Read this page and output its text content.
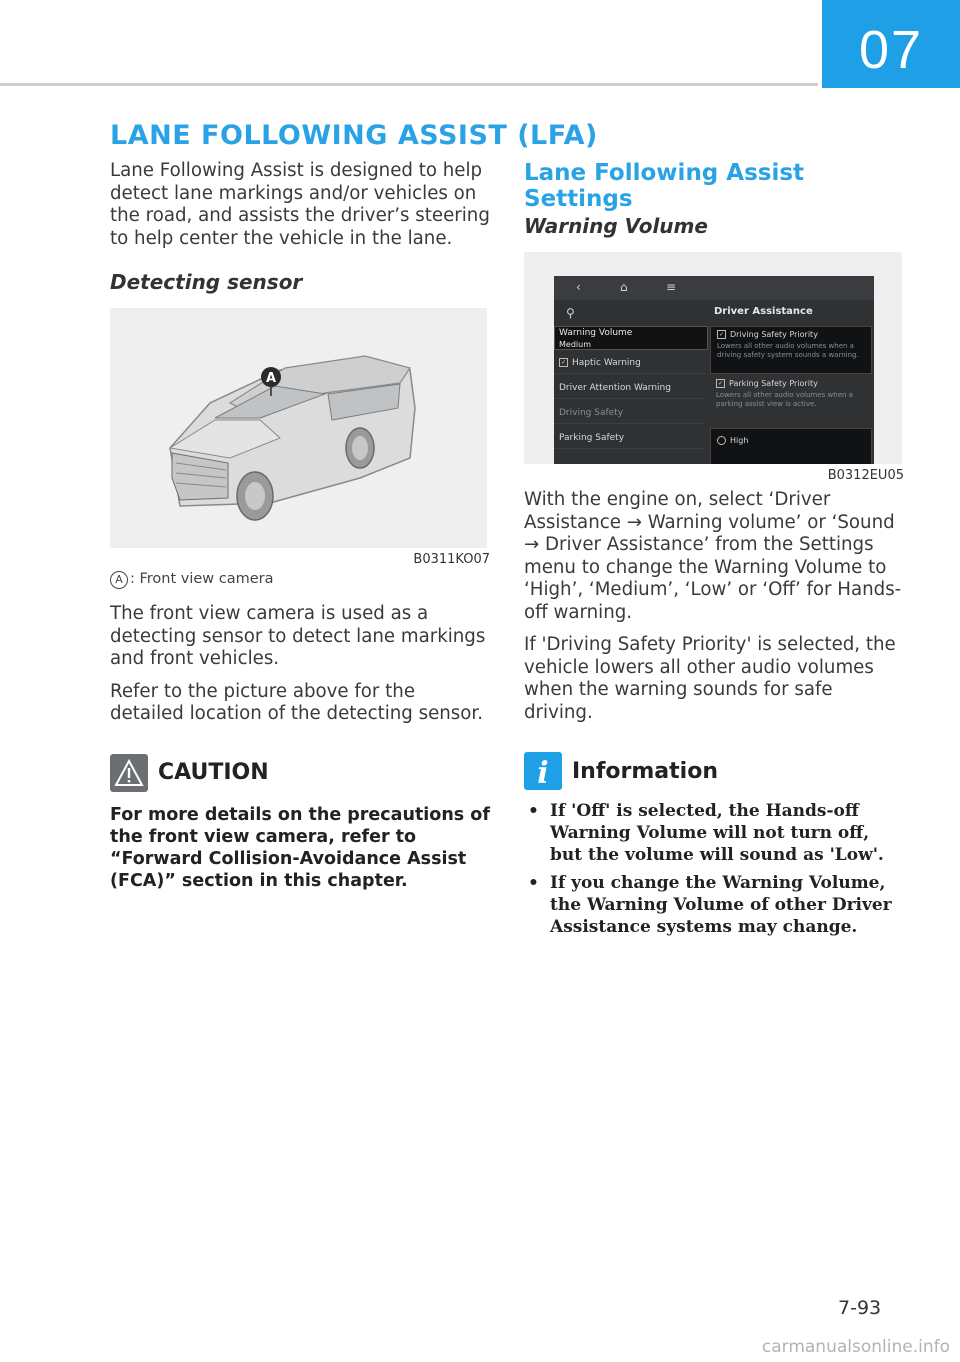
07
LANE FOLLOWING ASSIST (LFA)

Lane Following Assist is designed to help detect lane markings and/or vehicles on the road, and assists the driver’s steering to help center the vehicle in the lane.

Detecting sensor
A
B0311KO07
A : Front view camera

The front view camera is used as a detecting sensor to detect lane markings and front vehicles.

Refer to the picture above for the detailed location of the detecting sensor.

CAUTION
For more details on the precautions of the front view camera, refer to “Forward Collision-Avoidance Assist (FCA)” section in this chapter.
Lane Following Assist Settings
Warning Volume
‹	⌂	≡
⚲	Driver Assistance
Warning Volume
Medium
✓ Haptic Warning
Driver Attention Warning
Driving Safety
Parking Safety
✓ Driving Safety Priority
Lowers all other audio volumes when a driving safety system sounds a warning.
✓ Parking Safety Priority
Lowers all other audio volumes when a parking assist view is active.
High
B0312EU05

With the engine on, select ‘Driver Assistance → Warning volume’ or ‘Sound → Driver Assistance’ from the Settings menu to change the Warning Volume to ‘High’, ‘Medium’, ‘Low’ or ‘Off’ for Hands-off warning.

If 'Driving Safety Priority' is selected, the vehicle lowers all other audio volumes when the warning sounds for safe driving.

i Information
• If 'Off' is selected, the Hands-off Warning Volume will not turn off, but the volume will sound as 'Low'.
• If you change the Warning Volume, the Warning Volume of other Driver Assistance systems may change.
7-93
carmanualsonline.info
